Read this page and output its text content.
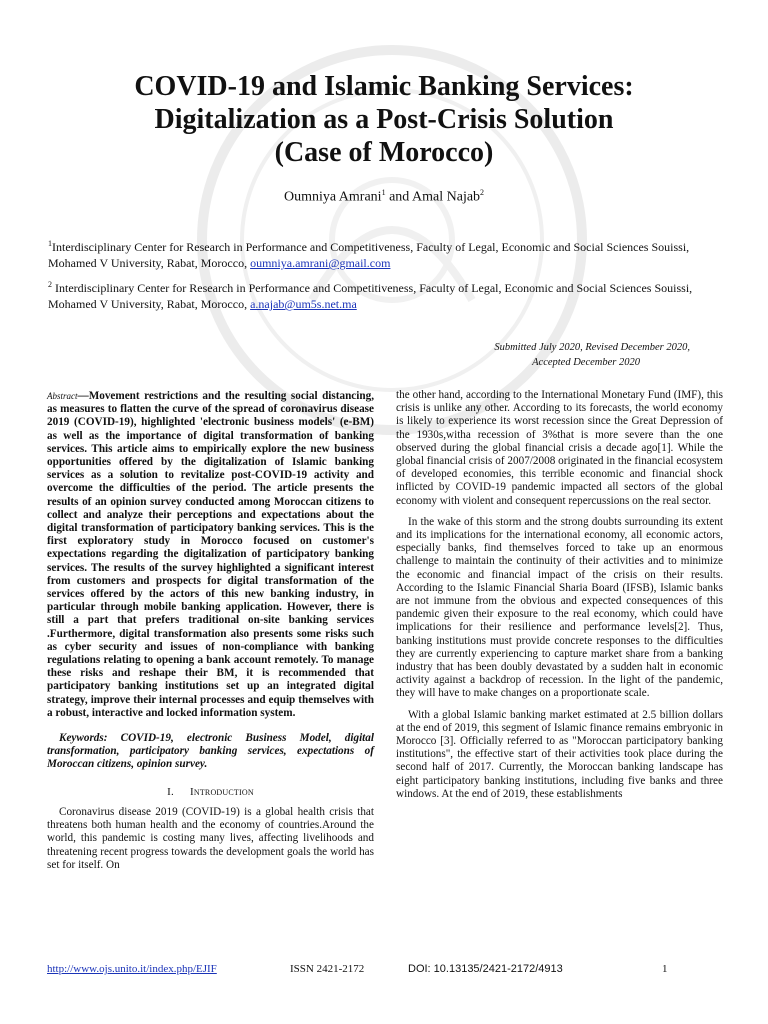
COVID-19 and Islamic Banking Services:
Digitalization as a Post-Crisis Solution
(Case of Morocco)
Oumniya Amrani$^1$ and Amal Najab$^2$
$^1$Interdisciplinary Center for Research in Performance and Competitiveness, Faculty of Legal, Economic and Social Sciences Souissi, Mohamed V University, Rabat, Morocco, oumniya.amrani@gmail.com
$^2$ Interdisciplinary Center for Research in Performance and Competitiveness, Faculty of Legal, Economic and Social Sciences Souissi, Mohamed V University, Rabat, Morocco, a.najab@um5s.net.ma
Submitted July 2020, Revised December 2020,
Accepted December 2020
Abstract—Movement restrictions and the resulting social distancing, as measures to flatten the curve of the spread of coronavirus disease 2019 (COVID-19), highlighted 'electronic business models' (e-BM) as well as the importance of digital transformation of banking services. This article aims to empirically explore the new business opportunities offered by the digitalization of Islamic banking services as a solution to revitalize post-COVID-19 activity and overcome the difficulties of the period. The article presents the results of an opinion survey conducted among Moroccan citizens to collect and analyze their perceptions and expectations about the digital transformation of participatory banking services. This is the first exploratory study in Morocco focused on customer's expectations regarding the digitalization of participatory banking services. The results of the survey highlighted a significant interest from customers and prospects for digital transformation of the services offered by the actors of this new banking industry, in particular through mobile banking application. However, there is still a part that prefers traditional on-site banking services .Furthermore, digital transformation also presents some risks such as cyber security and issues of non-compliance with banking regulations relating to opening a bank account remotely. To manage these risks and reshape their BM, it is recommended that participatory banking institutions set up an integrated digital strategy, improve their internal processes and equip themselves with a robust, interactive and locked information system.
Keywords: COVID-19, electronic Business Model, digital transformation, participatory banking services, expectations of Moroccan citizens, opinion survey.
I. Introduction

Coronavirus disease 2019 (COVID-19) is a global health crisis that threatens both human health and the economy of countries.Around the world, this pandemic is costing many lives, affecting livelihoods and threatening recent progress towards the development goals the world has set for itself. On

the other hand, according to the International Monetary Fund (IMF), this crisis is unlike any other. According to its forecasts, the world economy is likely to experience its worst recession since the Great Depression of the 1930s,witha recession of 3%that is more severe than the one observed during the global financial crisis a decade ago[1]. While the global financial crisis of 2007/2008 originated in the financial ecosystem of developed economies, this terrible economic and financial shock inflicted by COVID-19 pandemic impacted all sectors of the global economy with violent and consequent repercussions on the real sector.

In the wake of this storm and the strong doubts surrounding its extent and its implications for the international economy, all economic actors, especially banks, find themselves forced to take up an enormous challenge to maintain the continuity of their activities and to minimize the economic and financial impact of the crisis on their results. According to the Islamic Financial Sharia Board (IFSB), Islamic banks are not immune from the obvious and expected consequences of this pandemic given their exposure to the real economy, which could have implications for their resilience and performance levels[2]. Thus, banking institutions must provide concrete responses to the difficulties they are currently experiencing to capture market share from a banking industry that has been doubly devastated by a sudden halt in economic activity against a backdrop of recession. In the light of the pandemic, they will have to make changes on a proportionate scale.

With a global Islamic banking market estimated at 2.5 billion dollars at the end of 2019, this segment of Islamic finance remains embryonic in Morocco [3]. Officially referred to as "Moroccan participatory banking institutions", the effective start of their activities took place during the second half of 2017. Currently, the Moroccan banking landscape has eight participatory banking institutions, including five banks and three windows. At the end of 2019, these establishments

http://www.ojs.unito.it/index.php/EJIF	ISSN 2421-2172	DOI: 10.13135/2421-2172/4913	1
